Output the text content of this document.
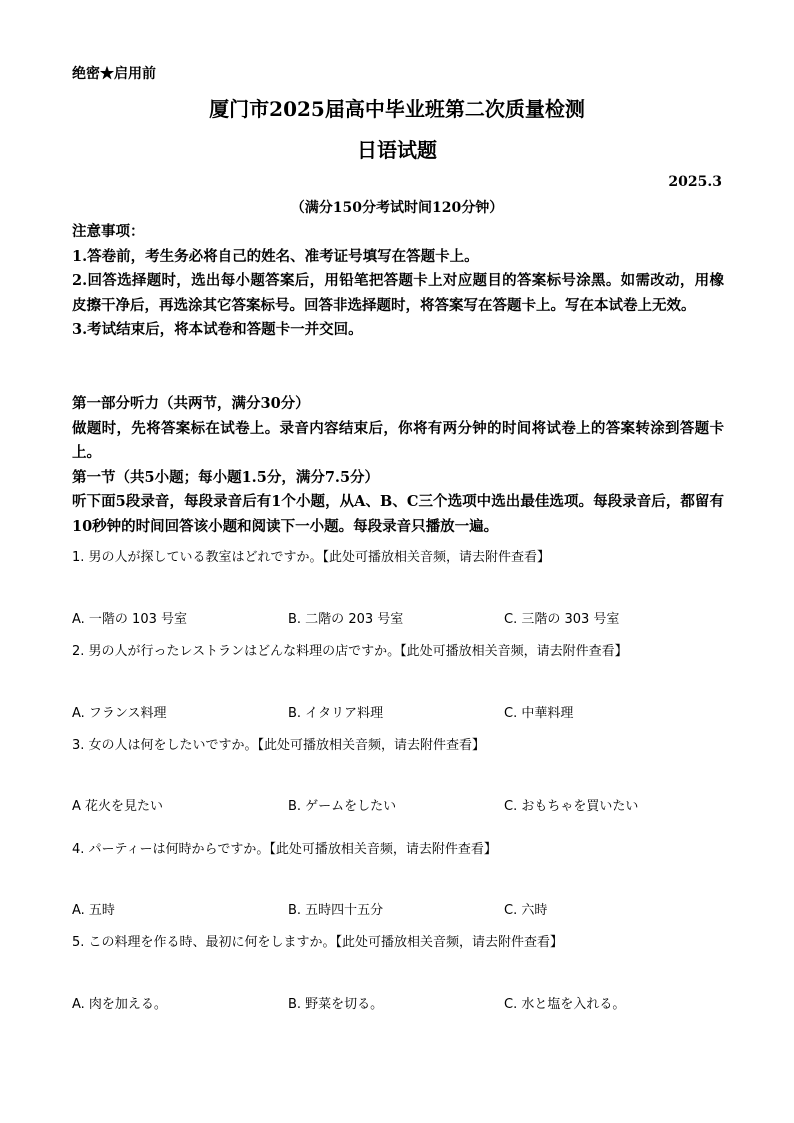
绝密★启用前
厦门市2025届高中毕业班第二次质量检测
日语试题
2025.3
（满分150分考试时间120分钟）

注意事项：

1.答卷前，考生务必将自己的姓名、准考证号填写在答题卡上。

2.回答选择题时，选出每小题答案后，用铅笔把答题卡上对应题目的答案标号涂黑。如需改动，用橡皮擦干净后，再选涂其它答案标号。回答非选择题时，将答案写在答题卡上。写在本试卷上无效。

3.考试结束后，将本试卷和答题卡一并交回。

第一部分听力（共两节，满分30分）

做题时，先将答案标在试卷上。录音内容结束后，你将有两分钟的时间将试卷上的答案转涂到答题卡上。

第一节（共5小题；每小题1.5分，满分7.5分）

听下面5段录音，每段录音后有1个小题，从A、B、C三个选项中选出最佳选项。每段录音后，都留有10秒钟的时间回答该小题和阅读下一小题。每段录音只播放一遍。

1. 男の人が探している教室はどれですか。【此处可播放相关音频，请去附件查看】
A. 一階の 103 号室	B. 二階の 203 号室	C. 三階の 303 号室
2. 男の人が行ったレストランはどんな料理の店ですか。【此处可播放相关音频，请去附件查看】
A. フランス料理	B. イタリア料理	C. 中華料理
3. 女の人は何をしたいですか。【此处可播放相关音频，请去附件查看】
A 花火を見たい	B. ゲームをしたい	C. おもちゃを買いたい
4. パーティーは何時からですか。【此处可播放相关音频，请去附件查看】
A. 五時	B. 五時四十五分	C. 六時
5. この料理を作る時、最初に何をしますか。【此处可播放相关音频，请去附件查看】
A. 肉を加える。	B. 野菜を切る。	C. 水と塩を入れる。
